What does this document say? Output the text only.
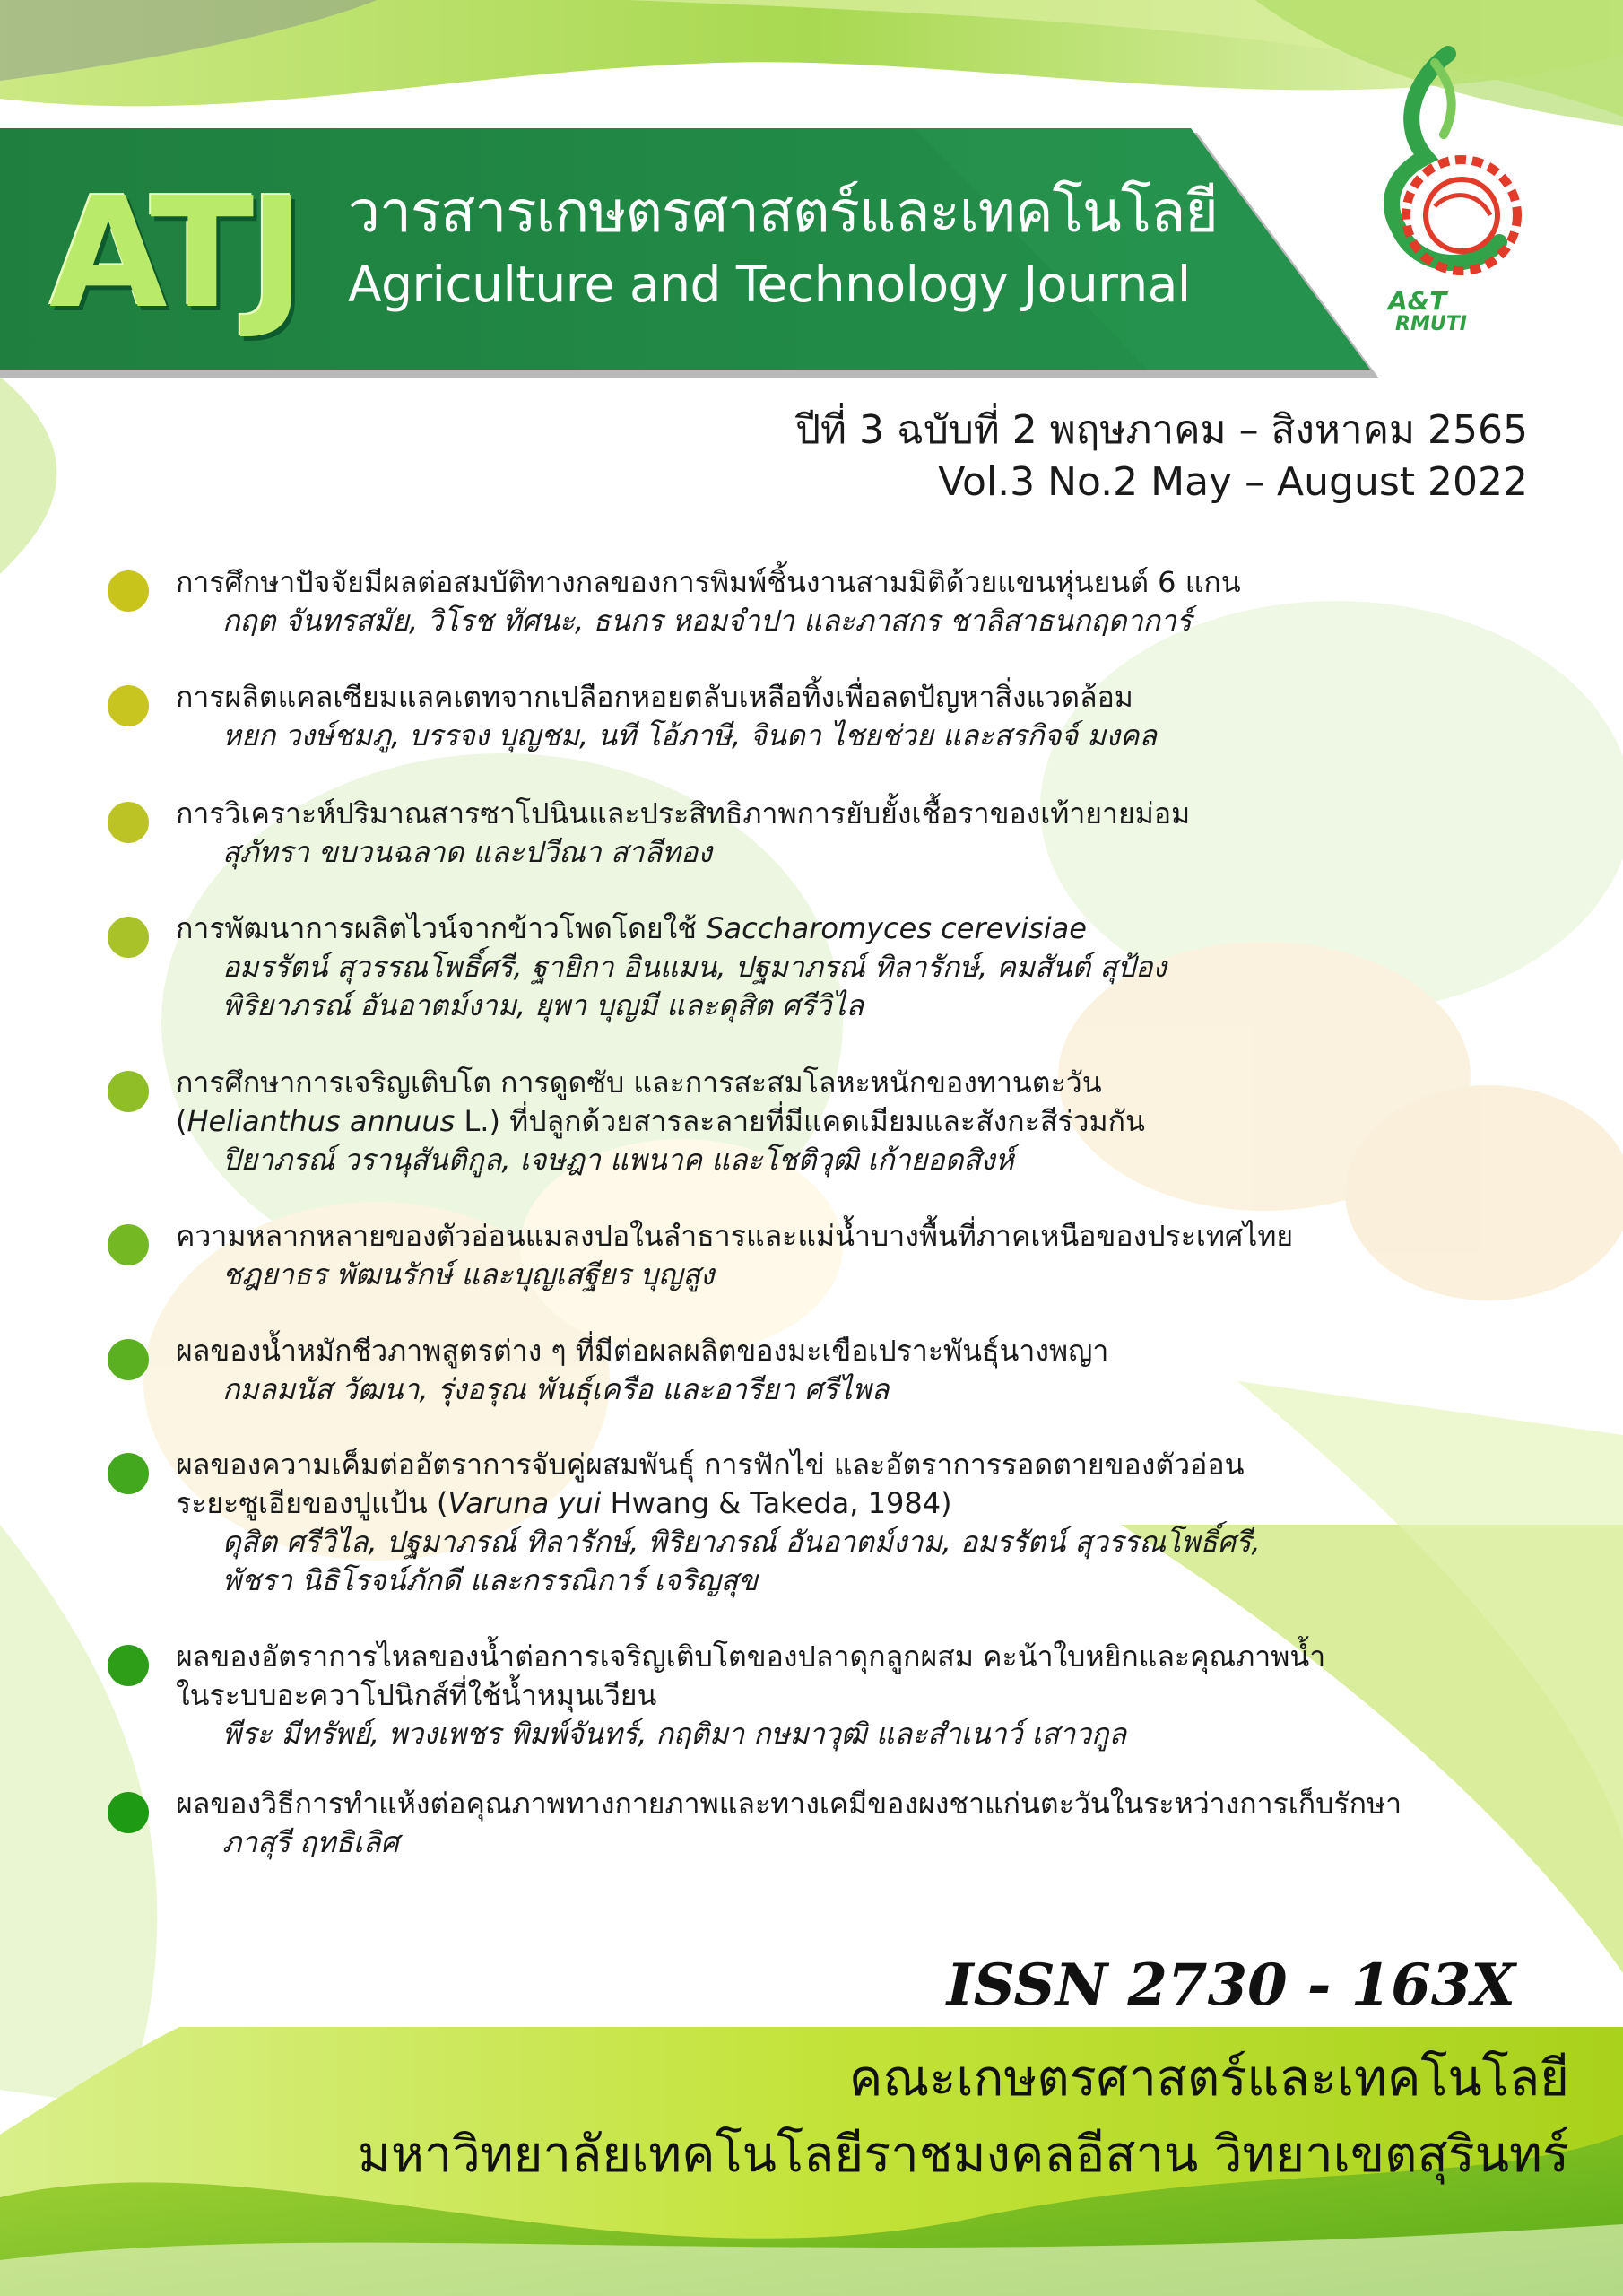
ATJ วารสารเกษตรศาสตร์และเทคโนโลยี
Agriculture and Technology Journal	A&T
RMUTI
ปีที่ 3 ฉบับที่ 2 พฤษภาคม – สิงหาคม 2565
Vol.3 No.2 May – August 2022
การศึกษาปัจจัยมีผลต่อสมบัติทางกลของการพิมพ์ชิ้นงานสามมิติด้วยแขนหุ่นยนต์ 6 แกน
กฤต จันทรสมัย, วิโรช ทัศนะ, ธนกร หอมจำปา และภาสกร ชาลิสาธนกฤดาการ์
การผลิตแคลเซียมแลคเตทจากเปลือกหอยตลับเหลือทิ้งเพื่อลดปัญหาสิ่งแวดล้อม
หยก วงษ์ชมภู, บรรจง บุญชม, นที โอ้ภาษี, จินดา ไชยช่วย และสรกิจจ์ มงคล
การวิเคราะห์ปริมาณสารซาโปนินและประสิทธิภาพการยับยั้งเชื้อราของเท้ายายม่อม
สุภัทรา ขบวนฉลาด และปวีณา สาลีทอง
การพัฒนาการผลิตไวน์จากข้าวโพดโดยใช้ Saccharomyces cerevisiae
อมรรัตน์ สุวรรณโพธิ์ศรี, ฐายิกา อินแมน, ปฐมาภรณ์ ทิลารักษ์, คมสันต์ สุป้อง
พิริยาภรณ์ อันอาตม์งาม, ยุพา บุญมี และดุสิต ศรีวิไล
การศึกษาการเจริญเติบโต การดูดซับ และการสะสมโลหะหนักของทานตะวัน
(Helianthus annuus L.) ที่ปลูกด้วยสารละลายที่มีแคดเมียมและสังกะสีร่วมกัน
ปิยาภรณ์ วรานุสันติกูล, เจษฎา แพนาค และโชติวุฒิ เก้ายอดสิงห์
ความหลากหลายของตัวอ่อนแมลงปอในลำธารและแม่น้ำบางพื้นที่ภาคเหนือของประเทศไทย
ชฎยาธร พัฒนรักษ์ และบุญเสฐียร บุญสูง
ผลของน้ำหมักชีวภาพสูตรต่าง ๆ ที่มีต่อผลผลิตของมะเขือเปราะพันธุ์นางพญา
กมลมนัส วัฒนา, รุ่งอรุณ พันธุ์เครือ และอารียา ศรีไพล
ผลของความเค็มต่ออัตราการจับคู่ผสมพันธุ์ การฟักไข่ และอัตราการรอดตายของตัวอ่อน
ระยะซูเอียของปูแป้น (Varuna yui Hwang & Takeda, 1984)
ดุสิต ศรีวิไล, ปฐมาภรณ์ ทิลารักษ์, พิริยาภรณ์ อันอาตม์งาม, อมรรัตน์ สุวรรณโพธิ์ศรี,
พัชรา นิธิโรจน์ภักดี และกรรณิการ์ เจริญสุข
ผลของอัตราการไหลของน้ำต่อการเจริญเติบโตของปลาดุกลูกผสม คะน้าใบหยิกและคุณภาพน้ำ
ในระบบอะควาโปนิกส์ที่ใช้น้ำหมุนเวียน
พีระ มีทรัพย์, พวงเพชร พิมพ์จันทร์, กฤติมา กษมาวุฒิ และสำเนาว์ เสาวกูล
ผลของวิธีการทำแห้งต่อคุณภาพทางกายภาพและทางเคมีของผงชาแก่นตะวันในระหว่างการเก็บรักษา
ภาสุรี ฤทธิเลิศ
ISSN 2730 - 163X
คณะเกษตรศาสตร์และเทคโนโลยี
มหาวิทยาลัยเทคโนโลยีราชมงคลอีสาน วิทยาเขตสุรินทร์
